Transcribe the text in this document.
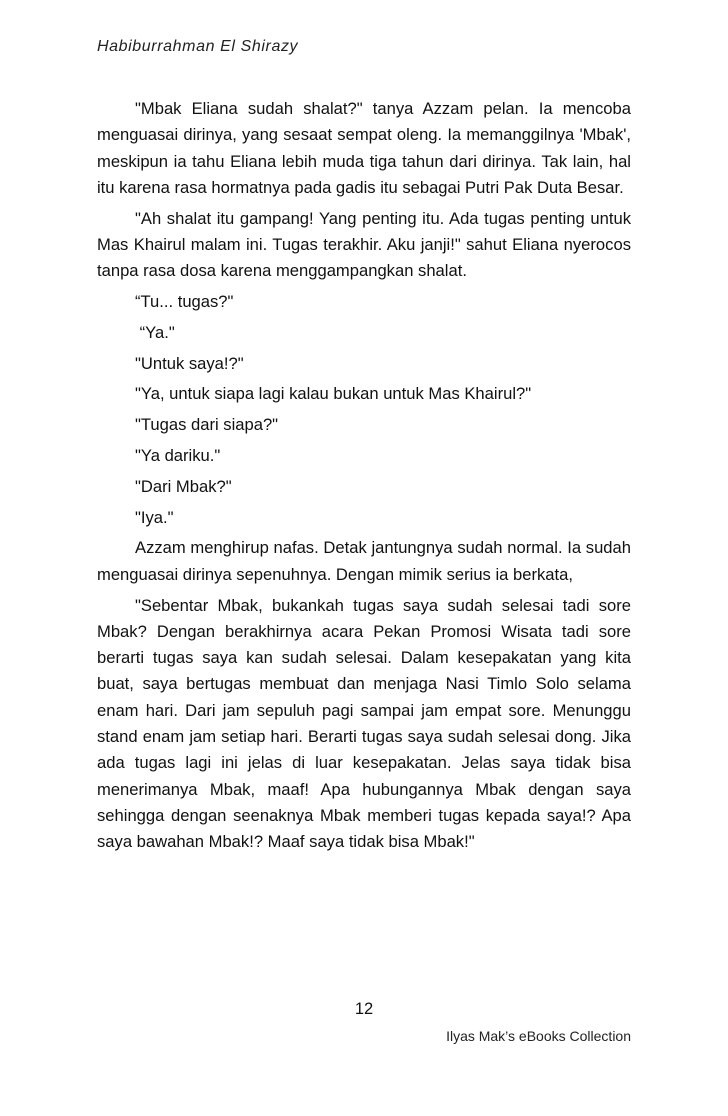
Habiburrahman El Shirazy

"Mbak Eliana sudah shalat?" tanya Azzam pelan. Ia mencoba menguasai dirinya, yang sesaat sempat oleng. Ia memanggilnya 'Mbak', meskipun ia tahu Eliana lebih muda tiga tahun dari dirinya. Tak lain, hal itu karena rasa hormatnya pada gadis itu sebagai Putri Pak Duta Besar.

"Ah shalat itu gampang! Yang penting itu. Ada tugas penting untuk Mas Khairul malam ini. Tugas terakhir. Aku janji!" sahut Eliana nyerocos tanpa rasa dosa karena menggampangkan shalat.

“Tu... tugas?"

“Ya."

"Untuk saya!?"

"Ya, untuk siapa lagi kalau bukan untuk Mas Khairul?"

"Tugas dari siapa?"

"Ya dariku."

"Dari Mbak?"

"Iya."

Azzam menghirup nafas. Detak jantungnya sudah normal. Ia sudah menguasai dirinya sepenuhnya. Dengan mimik serius ia berkata,

"Sebentar Mbak, bukankah tugas saya sudah selesai tadi sore Mbak? Dengan berakhirnya acara Pekan Promosi Wisata tadi sore berarti tugas saya kan sudah selesai. Dalam kesepakatan yang kita buat, saya bertugas membuat dan menjaga Nasi Timlo Solo selama enam hari. Dari jam sepuluh pagi sampai jam empat sore. Menunggu stand enam jam setiap hari. Berarti tugas saya sudah selesai dong. Jika ada tugas lagi ini jelas di luar kesepakatan. Jelas saya tidak bisa menerimanya Mbak, maaf! Apa hubungannya Mbak dengan saya sehingga dengan seenaknya Mbak memberi tugas kepada saya!? Apa saya bawahan Mbak!? Maaf saya tidak bisa Mbak!"

12
Ilyas Mak’s eBooks Collection
